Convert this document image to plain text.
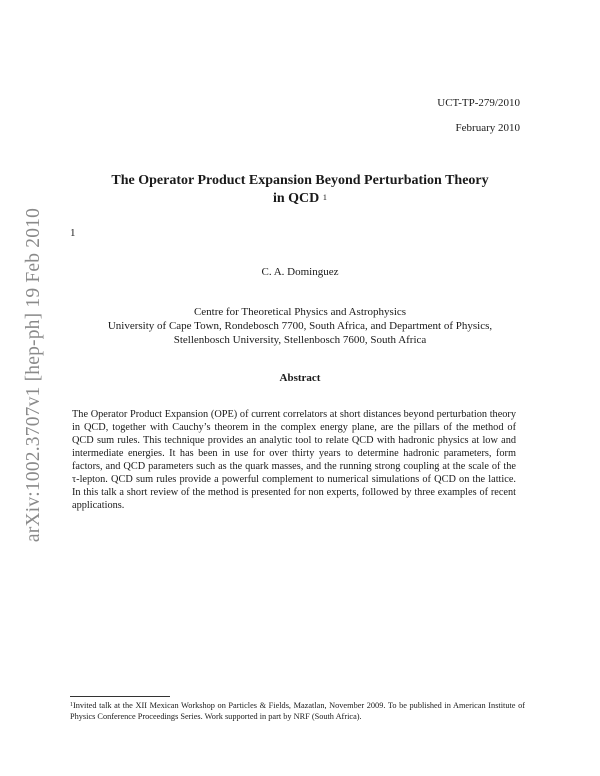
arXiv:1002.3707v1 [hep-ph] 19 Feb 2010
UCT-TP-279/2010
February 2010
The Operator Product Expansion Beyond Perturbation Theory
in QCD $^1$
1
C. A. Dominguez
Centre for Theoretical Physics and Astrophysics
University of Cape Town, Rondebosch 7700, South Africa, and Department of Physics,
Stellenbosch University, Stellenbosch 7600, South Africa
Abstract
The Operator Product Expansion (OPE) of current correlators at short distances beyond perturbation theory in QCD, together with Cauchy’s theorem in the complex energy plane, are the pillars of the method of QCD sum rules. This technique provides an analytic tool to relate QCD with hadronic physics at low and intermediate energies. It has been in use for over thirty years to determine hadronic parameters, form factors, and QCD parameters such as the quark masses, and the running strong coupling at the scale of the τ-lepton. QCD sum rules provide a powerful complement to numerical simulations of QCD on the lattice. In this talk a short review of the method is presented for non experts, followed by three examples of recent applications.
$^1$Invited talk at the XII Mexican Workshop on Particles & Fields, Mazatlan, November 2009. To be published in American Institute of Physics Conference Proceedings Series. Work supported in part by NRF (South Africa).
